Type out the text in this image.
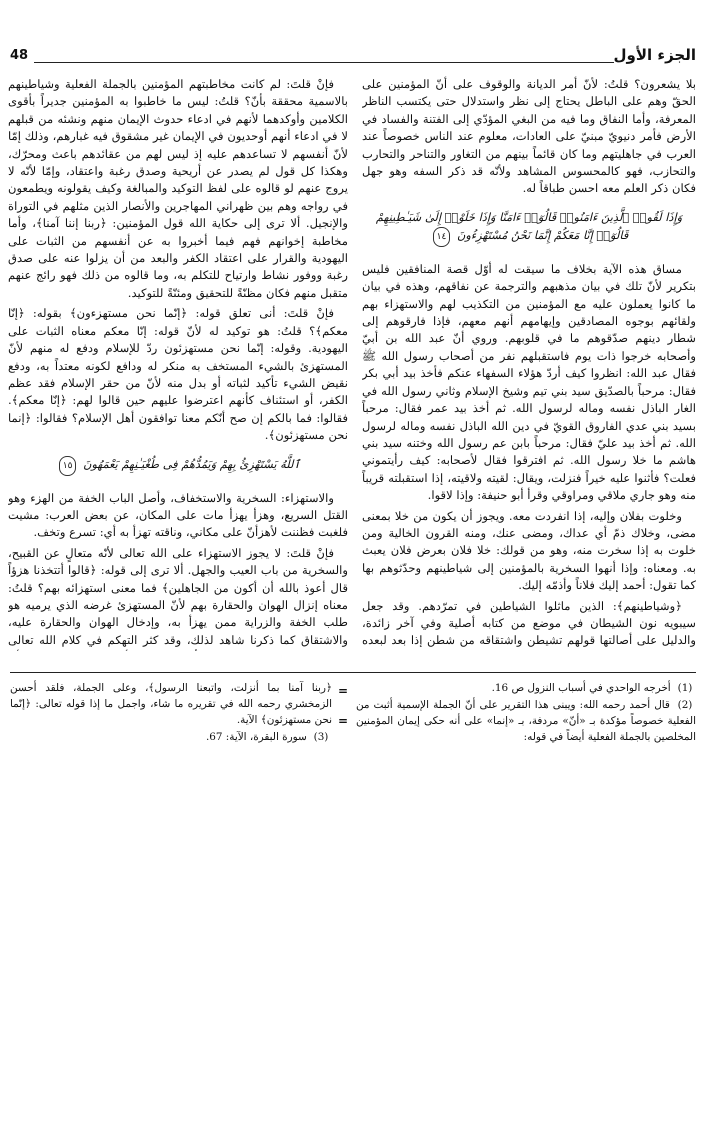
48	الجزء الأول

بلا يشعرون؟ قلتُ: لأنّ أمر الديانة والوقوف على أنّ المؤمنين على الحقّ وهم على الباطل يحتاج إلى نظر واستدلال حتى يكتسب الناظر المعرفة، وأما النفاق وما فيه من البغي المؤدّي إلى الفتنة والفساد في الأرض فأمر دنيويّ مبنيّ على العادات، معلوم عند الناس خصوصاً عند العرب في جاهليتهم وما كان قائماً بينهم من التغاور والتناحر والتحارب والتحازب، فهو كالمحسوس المشاهد ولأنّه قد ذكر السفه وهو جهل فكان ذكر العلم معه احسن طباقاً له.

وَإِذَا لَقُوا۟ ٱلَّذِينَ ءَامَنُوا۟ قَالُوٓا۟ ءَامَنَّا وَإِذَا خَلَوْا۟ إِلَىٰ شَيَـٰطِينِهِمْ قَالُوٓا۟ إِنَّا مَعَكُمْ إِنَّمَا نَحْنُ مُسْتَهْزِءُونَ ١٤

مساق هذه الآية بخلاف ما سيقت له أوّل قصة المنافقين فليس بتكرير لأنّ تلك في بيان مذهبهم والترجمة عن نفاقهم، وهذه في بيان ما كانوا يعملون عليه مع المؤمنين من التكذيب لهم والاستهزاء بهم ولقائهم بوجوه المصادقين وإيهامهم أنهم معهم، فإذا فارقوهم إلى شطار دينهم صدّقوهم ما في قلوبهم. وروي أنّ عبد الله بن أبيّ وأصحابه خرجوا ذات يوم فاستقبلهم نفر من أصحاب رسول الله ﷺ فقال عبد الله: انظروا كيف أردّ هؤلاء السفهاء عنكم فأخذ بيد أبي بكر فقال: مرحباً بالصدّيق سيد بني تيم وشيخ الإسلام وثاني رسول الله في الغار الباذل نفسه وماله لرسول الله. ثم أخذ بيد عمر فقال: مرحباً بسيد بني عدي الفاروق القويّ في دين الله الباذل نفسه وماله لرسول الله. ثم أخذ بيد عليّ فقال: مرحباً بابن عم رسول الله وختنه سيد بني هاشم ما خلا رسول الله. ثم افترقوا فقال لأصحابه: كيف رأيتموني فعلت؟ فأثنوا عليه خيراً فنزلت، ويقال: لقيته ولاقيته، إذا استقبلته قريباً منه وهو جاري ملاقي ومراوقي وقرأ أبو حنيفة: وإذا لاقوا.

وخلوت بفلان وإليه، إذا انفردت معه. ويجوز أن يكون من خلا بمعنى مضى، وخلاك ذمّ أي عداك، ومضى عنك، ومنه القرون الخالية ومن خلوت به إذا سخرت منه، وهو من قولك: خلا فلان بعرض فلان يعبث به. ومعناه: وإذا أنهوا السخرية بالمؤمنين إلى شياطينهم وحدّثوهم بها كما تقول: أحمد إليك فلاناً وأذمّه إليك.

﴿وشياطينهم﴾: الذين ماثلوا الشياطين في تمرّدهم. وقد جعل سيبويه نون الشيطان في موضع من كتابه أصلية وفي آخر زائدة، والدليل على أصالتها قولهم تشيطن واشتقاقه من شطن إذا بعد لبعده

فإنْ قلتَ: لم كانت مخاطبتهم المؤمنين بالجملة الفعلية وشياطينهم بالاسمية محققة بأنّ؟ قلتُ: ليس ما خاطبوا به المؤمنين جديراً بأقوى الكلامين وأوكدهما لأنهم في ادعاء حدوث الإيمان منهم ونشئه من قبلهم لا في ادعاء أنهم أوحديون في الإيمان غير مشقوق فيه غبارهم، وذلك إمّا لأنّ أنفسهم لا تساعدهم عليه إذ ليس لهم من عقائدهم باعث ومحرّك، وهكذا كل قول لم يصدر عن أريحية وصدق رغبة واعتقاد، وإمّا لأنّه لا يروج عنهم لو قالوه على لفظ التوكيد والمبالغة وكيف يقولونه ويطمعون في رواجه وهم بين ظهراني المهاجرين والأنصار الذين مثلهم في التوراة والإنجيل. ألا ترى إلى حكاية الله قول المؤمنين: ﴿ربنا إننا آمنا﴾، وأما مخاطبة إخوانهم فهم فيما أخبروا به عن أنفسهم من الثبات على اليهودية والقرار على اعتقاد الكفر والبعد من أن يزلوا عنه على صدق رغبة ووفور نشاط وارتياح للتكلم به، وما قالوه من ذلك فهو رائج عنهم متقبل منهم فكان مظنّةً للتحقيق ومئنّةً للتوكيد.

فإنْ قلتَ: أنى تعلق قوله: ﴿إنّما نحن مستهزءون﴾ بقوله: ﴿إنّا معكم﴾؟ قلتُ: هو توكيد له لأنّ قوله: إنّا معكم معناه الثبات على اليهودية. وقوله: إنّما نحن مستهزئون ردّ للإسلام ودفع له منهم لأنّ المستهزئ بالشيء المستخف به منكر له ودافع لكونه معتداً به، ودفع نقيض الشيء تأكيد لثباته أو بدل منه لأنّ من حقر الإسلام فقد عظم الكفر، أو استئناف كأنهم اعترضوا عليهم حين قالوا لهم: ﴿إنّا معكم﴾. فقالوا: فما بالكم إن صح أنّكم معنا توافقون أهل الإسلام؟ فقالوا: ﴿إنما نحن مستهزئون﴾.

ٱللَّهُ يَسْتَهْزِئُ بِهِمْ وَيَمُدُّهُمْ فِى طُغْيَـٰنِهِمْ يَعْمَهُونَ ١٥

والاستهزاء: السخرية والاستخفاف، وأصل الباب الخفة من الهزء وهو القتل السريع، وهزأ يهزأ مات على المكان، عن بعض العرب: مشيت فلغبت فظننت لأهزأنّ على مكاني، وناقته تهزأ به أي: تسرع وتخف.

فإنْ قلتَ: لا يجوز الاستهزاء على الله تعالى لأنّه متعالٍ عن القبيح، والسخرية من باب العيب والجهل. ألا ترى إلى قوله: ﴿قالوا أتتخذنا هزؤاً قال أعوذ بالله أن أكون من الجاهلين﴾ فما معنى استهزائه بهم؟ قلتُ: معناه إنزال الهوان والحقارة بهم لأنّ المستهزئ غرضه الذي يرميه هو طلب الخفة والزراية ممن يهزأ به، وإدخال الهوان والحقارة عليه، والاشتقاق كما ذكرنا شاهد لذلك، وقد كثر التهكم في كلام الله تعالى

(1) أخرجه الواحدي في أسباب النزول ص 16.

(2) قال أحمد رحمه الله: ويبنى هذا التقرير على أنّ الجملة الإسمية أثبت من الفعلية خصوصاً مؤكدة بـ «أنّ» مردفة، بـ «إنما» على أنه حكى إيمان المؤمنين المخلصين بالجملة الفعلية أيضاً في قوله:

=
=

﴿ربنا آمنا بما أنزلت، واتبعنا الرسول﴾، وعلى الجملة، فلقد أحسن الزمخشري رحمه الله في تقريره ما شاء، واجمل ما إذا قوله تعالى: ﴿إنّما نحن مستهزئون﴾ الآية.

(3) سورة البقرة، الآية: 67.
